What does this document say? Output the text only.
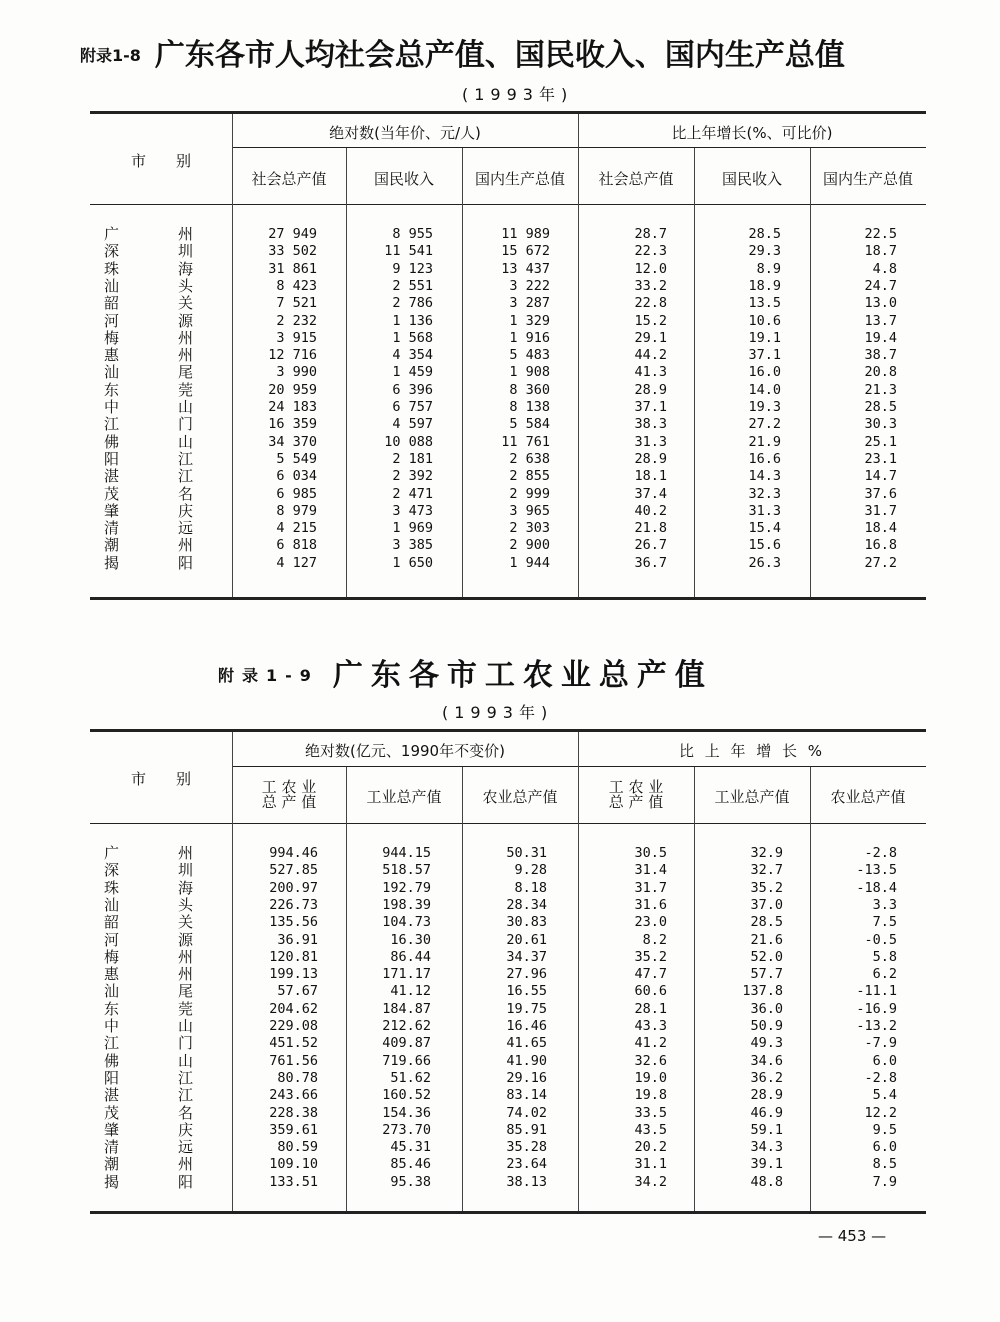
附录1-8 广东各市人均社会总产值、国民收入、国内生产总值
(1993年)
市　　别
绝对数(当年价、元/人)	比上年增长(%、可比价)
社会总产值	国民收入	国内生产总值	社会总产值	国民收入	国内生产总值
广	州	27 949	8 955	11 989	28.7	28.5	22.5
深	圳	33 502	11 541	15 672	22.3	29.3	18.7
珠	海	31 861	9 123	13 437	12.0	8.9	4.8
汕	头	8 423	2 551	3 222	33.2	18.9	24.7
韶	关	7 521	2 786	3 287	22.8	13.5	13.0
河	源	2 232	1 136	1 329	15.2	10.6	13.7
梅	州	3 915	1 568	1 916	29.1	19.1	19.4
惠	州	12 716	4 354	5 483	44.2	37.1	38.7
汕	尾	3 990	1 459	1 908	41.3	16.0	20.8
东	莞	20 959	6 396	8 360	28.9	14.0	21.3
中	山	24 183	6 757	8 138	37.1	19.3	28.5
江	门	16 359	4 597	5 584	38.3	27.2	30.3
佛	山	34 370	10 088	11 761	31.3	21.9	25.1
阳	江	5 549	2 181	2 638	28.9	16.6	23.1
湛	江	6 034	2 392	2 855	18.1	14.3	14.7
茂	名	6 985	2 471	2 999	37.4	32.3	37.6
肇	庆	8 979	3 473	3 965	40.2	31.3	31.7
清	远	4 215	1 969	2 303	21.8	15.4	18.4
潮	州	6 818	3 385	2 900	26.7	15.6	16.8
揭	阳	4 127	1 650	1 944	36.7	26.3	27.2
附录1-9 广东各市工农业总产值
(1993年)
市　　别
绝对数(亿元、1990年不变价)	比 上 年 增 长 %
工 农 业
总 产 值	工业总产值	农业总产值
工 农 业
总 产 值	工业总产值	农业总产值
广	州	994.46	944.15	50.31	30.5	32.9	-2.8
深	圳	527.85	518.57	9.28	31.4	32.7	-13.5
珠	海	200.97	192.79	8.18	31.7	35.2	-18.4
汕	头	226.73	198.39	28.34	31.6	37.0	3.3
韶	关	135.56	104.73	30.83	23.0	28.5	7.5
河	源	36.91	16.30	20.61	8.2	21.6	-0.5
梅	州	120.81	86.44	34.37	35.2	52.0	5.8
惠	州	199.13	171.17	27.96	47.7	57.7	6.2
汕	尾	57.67	41.12	16.55	60.6	137.8	-11.1
东	莞	204.62	184.87	19.75	28.1	36.0	-16.9
中	山	229.08	212.62	16.46	43.3	50.9	-13.2
江	门	451.52	409.87	41.65	41.2	49.3	-7.9
佛	山	761.56	719.66	41.90	32.6	34.6	6.0
阳	江	80.78	51.62	29.16	19.0	36.2	-2.8
湛	江	243.66	160.52	83.14	19.8	28.9	5.4
茂	名	228.38	154.36	74.02	33.5	46.9	12.2
肇	庆	359.61	273.70	85.91	43.5	59.1	9.5
清	远	80.59	45.31	35.28	20.2	34.3	6.0
潮	州	109.10	85.46	23.64	31.1	39.1	8.5
揭	阳	133.51	95.38	38.13	34.2	48.8	7.9
— 453 —
